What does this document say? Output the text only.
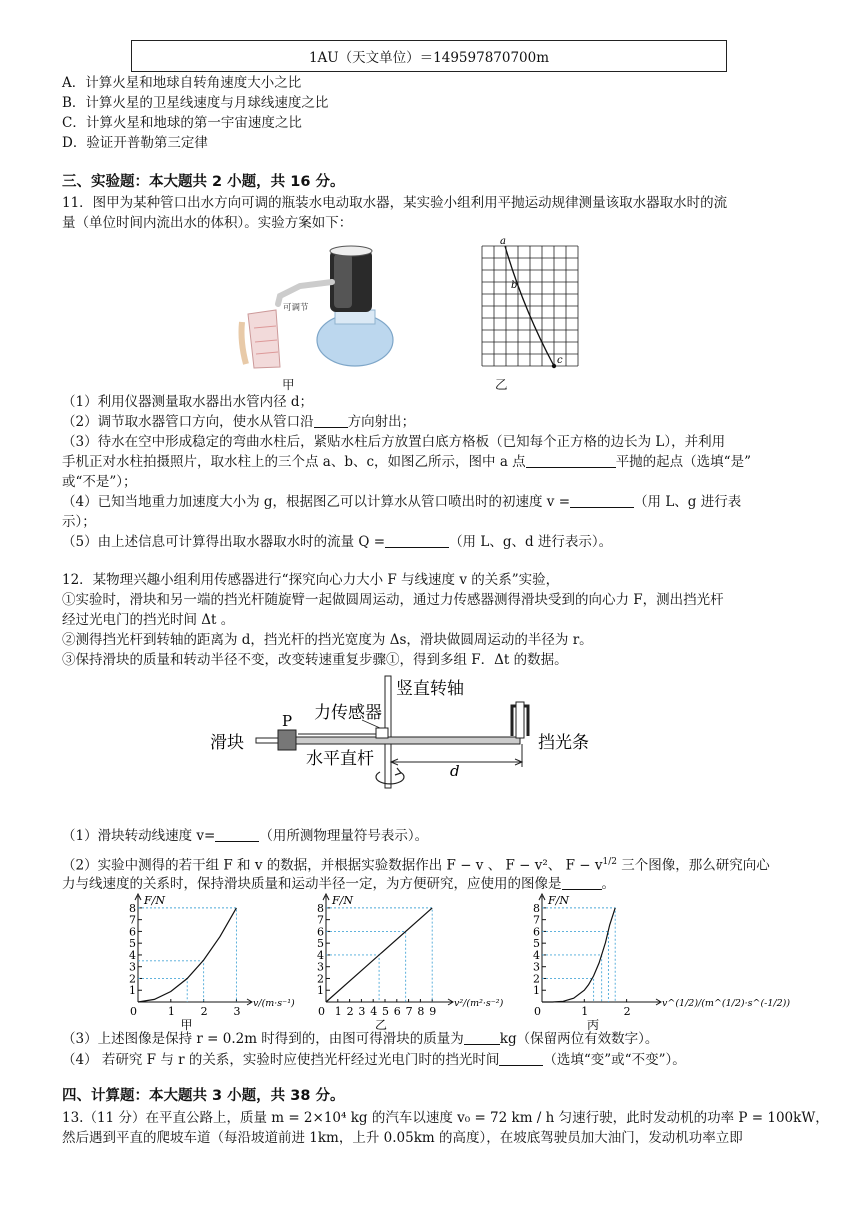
1AU（天文单位）＝149597870700m
A．计算火星和地球自转角速度大小之比
B．计算火星的卫星线速度与月球线速度之比
C．计算火星和地球的第一宇宙速度之比
D．验证开普勒第三定律
三、实验题：本大题共 2 小题，共 16 分。
11．图甲为某种管口出水方向可调的瓶装水电动取水器，某实验小组利用平抛运动规律测量该取水器取水时的流
量（单位时间内流出水的体积）。实验方案如下：
可调节
甲
a
b
c
乙
（1）利用仪器测量取水器出水管内径 d；
（2）调节取水器管口方向，使水从管口沿	方向射出；
（3）待水在空中形成稳定的弯曲水柱后，紧贴水柱后方放置白底方格板（已知每个正方格的边长为 L），并利用
手机正对水柱拍摄照片，取水柱上的三个点 a、b、c，如图乙所示，图中 a 点	平抛的起点（选填“是”
或“不是”）；
（4）已知当地重力加速度大小为 g，根据图乙可以计算水从管口喷出时的初速度 v =	（用 L、g 进行表
示）；
（5）由上述信息可计算得出取水器取水时的流量 Q =	（用 L、g、d 进行表示）。
12．某物理兴趣小组利用传感器进行“探究向心力大小 F 与线速度 v 的关系”实验，
①实验时，滑块和另一端的挡光杆随旋臂一起做圆周运动，通过力传感器测得滑块受到的向心力 F，测出挡光杆
经过光电门的挡光时间 Δt 。
②测得挡光杆到转轴的距离为 d，挡光杆的挡光宽度为 Δs，滑块做圆周运动的半径为 r。
③保持滑块的质量和转动半径不变，改变转速重复步骤①，得到多组 F．Δt 的数据。
竖直转轴
力传感器
P
滑块
水平直杆
挡光条
d
（1）滑块转动线速度 v=	（用所测物理量符号表示）。
（2）实验中测得的若干组 F 和 v 的数据，并根据实验数据作出 F − v 、 F − v²、 $F - v^{1/2}$ 三个图像，那么研究向心
力与线速度的关系时，保持滑块质量和运动半径一定，为方便研究，应使用的图像是	。
1
2
3
4
5
6
7
8
0	1 2 3
F/N
v/(m·s⁻¹)
甲
1
2
3
4
5
6
7
8
0 1 2 3 4 5 6 7 8 9
F/N
v²/(m²·s⁻²)
乙
1
2
3
4
5
6
7
8
0	1	2
F/N
v^(1/2)/(m^(1/2)·s^(-1/2))
丙
（3）上述图像是保持 r = 0.2m 时得到的，由图可得滑块的质量为	kg（保留两位有效数字）。
（4） 若研究 F 与 r 的关系，实验时应使挡光杆经过光电门时的挡光时间	（选填“变”或“不变”）。
四、计算题：本大题共 3 小题，共 38 分。
13.（11 分）在平直公路上，质量 m = 2×10⁴ kg 的汽车以速度 v₀ = 72 km / h 匀速行驶，此时发动机的功率 P = 100kW，
然后遇到平直的爬坡车道（每沿坡道前进 1km，上升 0.05km 的高度），在坡底驾驶员加大油门，发动机功率立即
